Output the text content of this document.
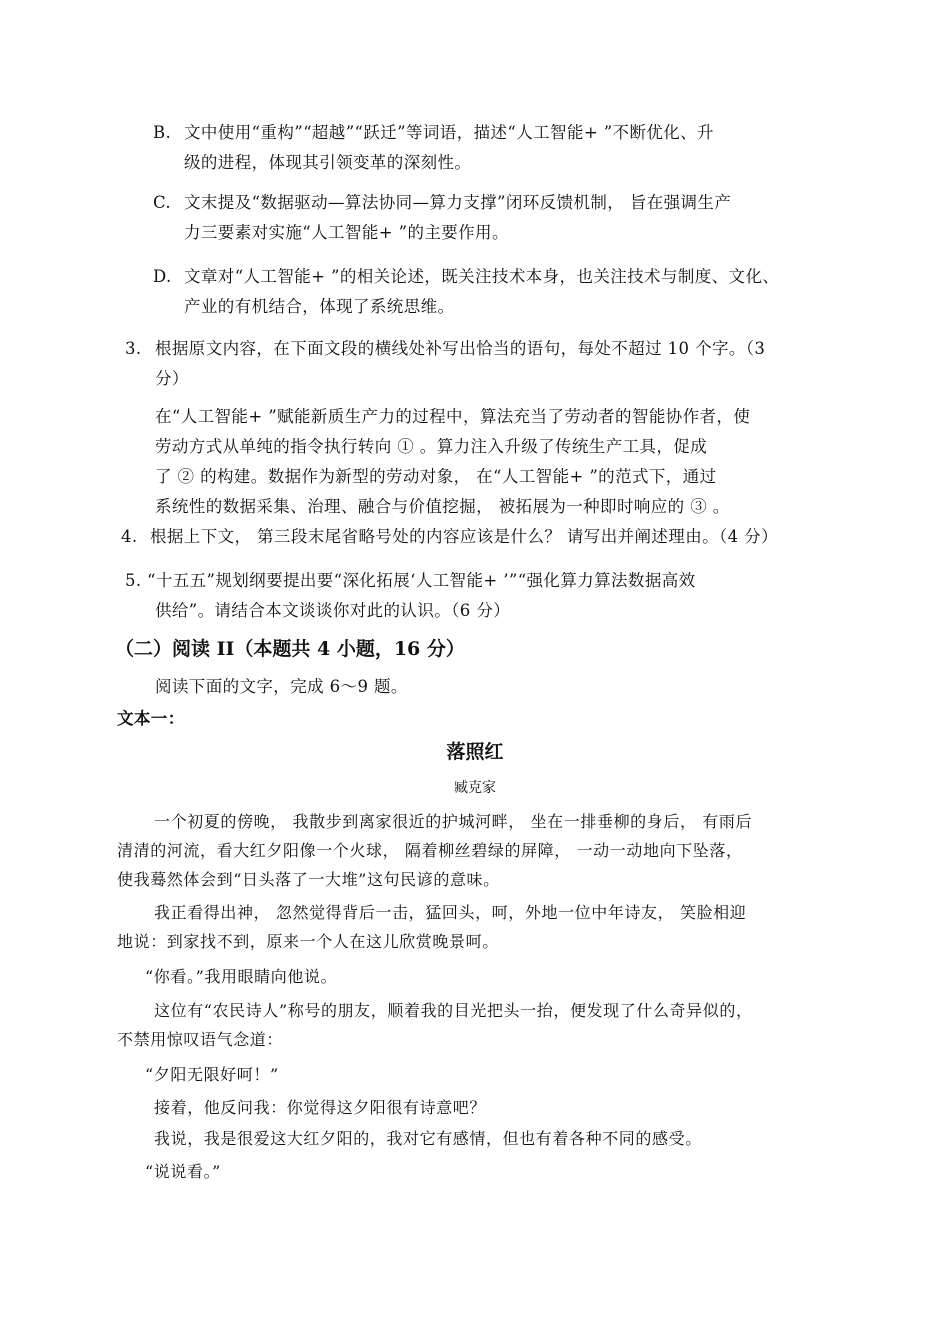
B. 文中使用“重构”“超越”“跃迁”等词语，描述“人工智能+ ”不断优化、升
级的进程，体现其引领变革的深刻性。
C. 文末提及“数据驱动—算法协同—算力支撑”闭环反馈机制， 旨在强调生产
力三要素对实施“人工智能+ ”的主要作用。
D. 文章对“人工智能+ ”的相关论述，既关注技术本身，也关注技术与制度、文化、
产业的有机结合，体现了系统思维。
3. 根据原文内容，在下面文段的横线处补写出恰当的语句，每处不超过 10 个字。（3
分）
在“人工智能+ ”赋能新质生产力的过程中，算法充当了劳动者的智能协作者，使
劳动方式从单纯的指令执行转向 ① 。算力注入升级了传统生产工具，促成
了 ② 的构建。数据作为新型的劳动对象， 在“人工智能+ ”的范式下，通过
系统性的数据采集、治理、融合与价值挖掘， 被拓展为一种即时响应的 ③ 。
4. 根据上下文， 第三段末尾省略号处的内容应该是什么？ 请写出并阐述理由。（4 分）
5. “十五五”规划纲要提出要“深化拓展‘人工智能+ ’”“强化算力算法数据高效
供给”。请结合本文谈谈你对此的认识。（6 分）
（二）阅读 II（本题共 4 小题，16 分）
阅读下面的文字，完成 6～9 题。
文本一：
落照红
臧克家
一个初夏的傍晚， 我散步到离家很近的护城河畔， 坐在一排垂柳的身后， 有雨后
清清的河流，看大红夕阳像一个火球， 隔着柳丝碧绿的屏障， 一动一动地向下坠落，
使我蓦然体会到“日头落了一大堆”这句民谚的意味。
我正看得出神， 忽然觉得背后一击，猛回头，呵，外地一位中年诗友， 笑脸相迎
地说：到家找不到，原来一个人在这儿欣赏晚景呵。
“你看。”我用眼睛向他说。
这位有“农民诗人”称号的朋友，顺着我的目光把头一抬，便发现了什么奇异似的，
不禁用惊叹语气念道：
“夕阳无限好呵！”
接着，他反问我：你觉得这夕阳很有诗意吧？
我说，我是很爱这大红夕阳的，我对它有感情，但也有着各种不同的感受。
“说说看。”
